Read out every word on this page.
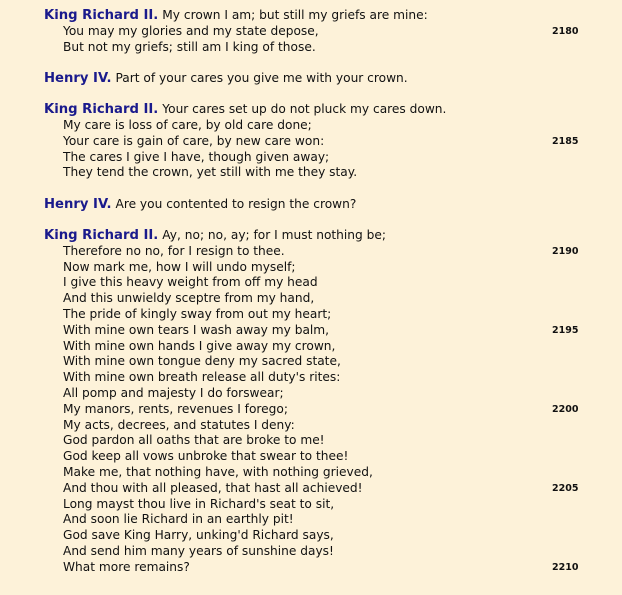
King Richard II. My crown I am; but still my griefs are mine:
You may my glories and my state depose,	2180
But not my griefs; still am I king of those.
Henry IV. Part of your cares you give me with your crown.
King Richard II. Your cares set up do not pluck my cares down.
My care is loss of care, by old care done;
Your care is gain of care, by new care won:	2185
The cares I give I have, though given away;
They tend the crown, yet still with me they stay.
Henry IV. Are you contented to resign the crown?
King Richard II. Ay, no; no, ay; for I must nothing be;
Therefore no no, for I resign to thee.	2190
Now mark me, how I will undo myself;
I give this heavy weight from off my head
And this unwieldy sceptre from my hand,
The pride of kingly sway from out my heart;
With mine own tears I wash away my balm,	2195
With mine own hands I give away my crown,
With mine own tongue deny my sacred state,
With mine own breath release all duty's rites:
All pomp and majesty I do forswear;
My manors, rents, revenues I forego;	2200
My acts, decrees, and statutes I deny:
God pardon all oaths that are broke to me!
God keep all vows unbroke that swear to thee!
Make me, that nothing have, with nothing grieved,
And thou with all pleased, that hast all achieved!	2205
Long mayst thou live in Richard's seat to sit,
And soon lie Richard in an earthly pit!
God save King Harry, unking'd Richard says,
And send him many years of sunshine days!
What more remains?	2210
